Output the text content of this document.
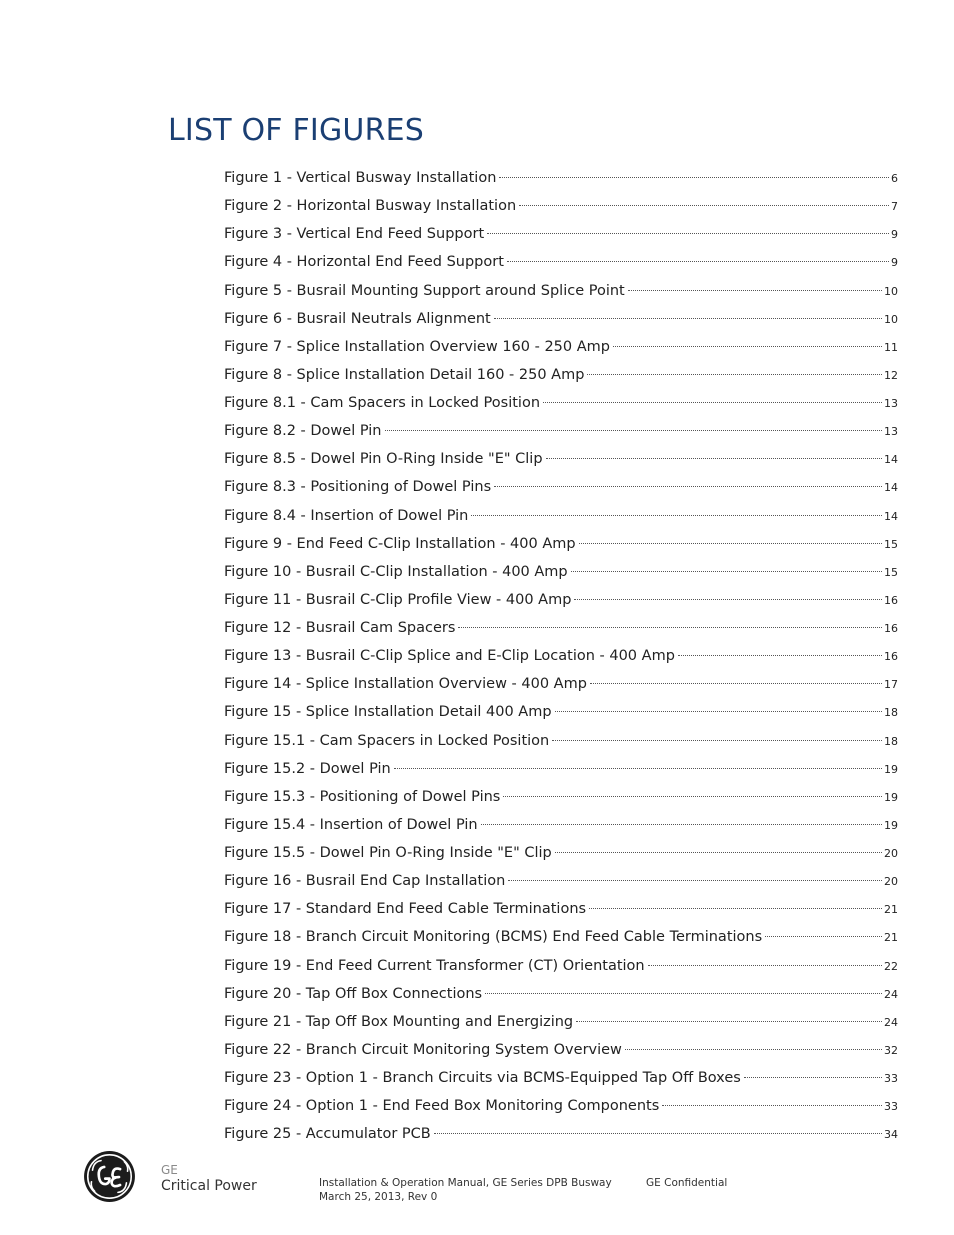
LIST OF FIGURES
Figure 1 - Vertical Busway Installation	6
Figure 2 - Horizontal Busway Installation	7
Figure 3 - Vertical End Feed Support	9
Figure 4 - Horizontal End Feed Support	9
Figure 5 - Busrail Mounting Support around Splice Point	10
Figure 6 - Busrail Neutrals Alignment	10
Figure 7 - Splice Installation Overview 160 - 250 Amp	11
Figure 8 - Splice Installation Detail 160 - 250 Amp	12
Figure 8.1 - Cam Spacers in Locked Position	13
Figure 8.2 - Dowel Pin	13
Figure 8.5 - Dowel Pin O-Ring Inside "E" Clip	14
Figure 8.3 - Positioning of Dowel Pins	14
Figure 8.4 - Insertion of Dowel Pin	14
Figure 9 - End Feed C-Clip Installation - 400 Amp	15
Figure 10 - Busrail C-Clip Installation - 400 Amp	15
Figure 11 - Busrail C-Clip Profile View - 400 Amp	16
Figure 12 - Busrail Cam Spacers	16
Figure 13 - Busrail C-Clip Splice and E-Clip Location - 400 Amp	16
Figure 14 - Splice Installation Overview - 400 Amp	17
Figure 15 - Splice Installation Detail 400 Amp	18
Figure 15.1 - Cam Spacers in Locked Position	18
Figure 15.2 - Dowel Pin	19
Figure 15.3 - Positioning of Dowel Pins	19
Figure 15.4 - Insertion of Dowel Pin	19
Figure 15.5 - Dowel Pin O-Ring Inside "E" Clip	20
Figure 16 - Busrail End Cap Installation	20
Figure 17 - Standard End Feed Cable Terminations	21
Figure 18 - Branch Circuit Monitoring (BCMS) End Feed Cable Terminations	21
Figure 19 - End Feed Current Transformer (CT) Orientation	22
Figure 20 - Tap Off Box Connections	24
Figure 21 - Tap Off Box Mounting and Energizing	24
Figure 22 - Branch Circuit Monitoring System Overview	32
Figure 23 - Option 1 - Branch Circuits via BCMS-Equipped Tap Off Boxes	33
Figure 24 - Option 1 - End Feed Box Monitoring Components	33
Figure 25 - Accumulator PCB	34
GE
Critical Power	Installation & Operation Manual, GE Series DPB Busway
March 25, 2013, Rev 0
GE Confidential
